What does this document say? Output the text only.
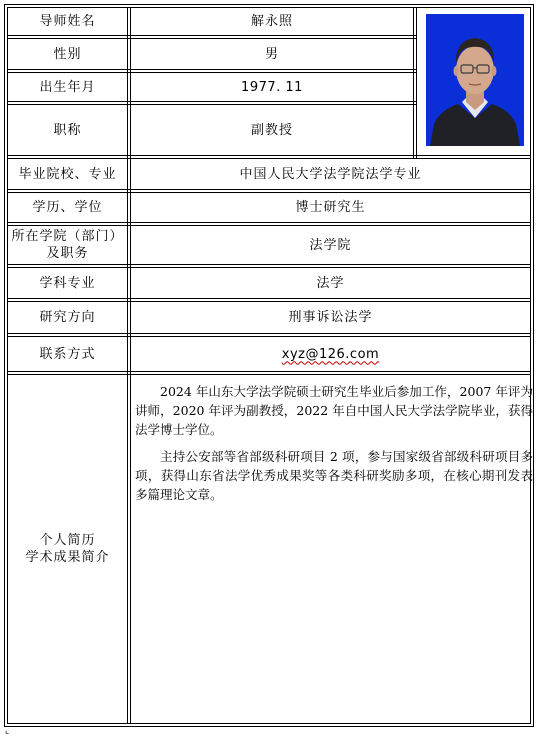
导师姓名
性别
出生年月
职称
毕业院校、专业
学历、学位
所在学院（部门）
及职务
学科专业
研究方向
联系方式
个人简历
学术成果简介
解永照
男
1977. 11
副教授
中国人民大学法学院法学专业
博士研究生
法学院
法学
刑事诉讼法学
xyz@126.com

2024 年山东大学法学院硕士研究生毕业后参加工作，2007 年评为讲师，2020 年评为副教授，2022 年自中国人民大学法学院毕业，获得法学博士学位。

主持公安部等省部级科研项目 2 项，参与国家级省部级科研项目多项，获得山东省法学优秀成果奖等各类科研奖励多项，在核心期刊发表多篇理论文章。

⌞
